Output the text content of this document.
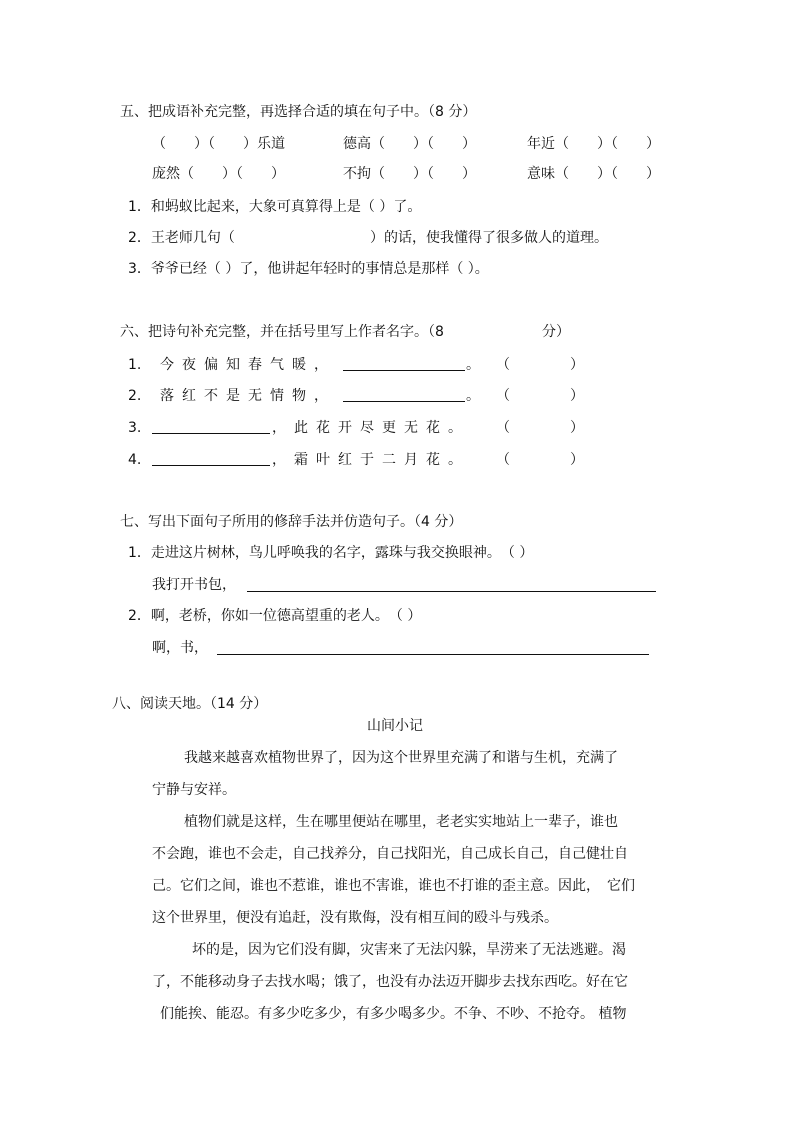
五、把成语补充完整，再选择合适的填在句子中。（8 分）
（　　）（　　）乐道	德高（　　）（　　）	年近（　　）（　　）
庞然（　　）（　　）	不拘（　　）（　　）	意味（　　）（　　）
1．和蚂蚁比起来，大象可真算得上是（ ）了。
2．王老师几句（	）的话，使我懂得了很多做人的道理。
3．爷爷已经（ ）了，他讲起年轻时的事情总是那样（ ）。
六、把诗句补充完整，并在括号里写上作者名字。（8	分）
1. 今夜偏知春气暖，	。 （	）
2. 落红不是无情物，	。 （	）
3.	，此花开尽更无花。 （	）
4.	，霜叶红于二月花。 （	）
七、写出下面句子所用的修辞手法并仿造句子。（4 分）
1．走进这片树林，鸟儿呼唤我的名字，露珠与我交换眼神。　（ ）
我打开书包，
2．啊，老桥，你如一位德高望重的老人。　（ ）
啊，书，
八、阅读天地。（14 分）
山间小记
我越来越喜欢植物世界了，因为这个世界里充满了和谐与生机，充满了
宁静与安祥。
植物们就是这样，生在哪里便站在哪里，老老实实地站上一辈子，谁也
不会跑，谁也不会走，自己找养分，自己找阳光，自己成长自己，自己健壮自
己。它们之间，谁也不惹谁，谁也不害谁，谁也不打谁的歪主意。因此，　它们
这个世界里，便没有追赶，没有欺侮，没有相互间的殴斗与残杀。
坏的是，因为它们没有脚，灾害来了无法闪躲，旱涝来了无法逃避。渴
了，不能移动身子去找水喝；饿了，也没有办法迈开脚步去找东西吃。好在它
们能挨、能忍。有多少吃多少，有多少喝多少。不争、不吵、不抢夺。 植物
